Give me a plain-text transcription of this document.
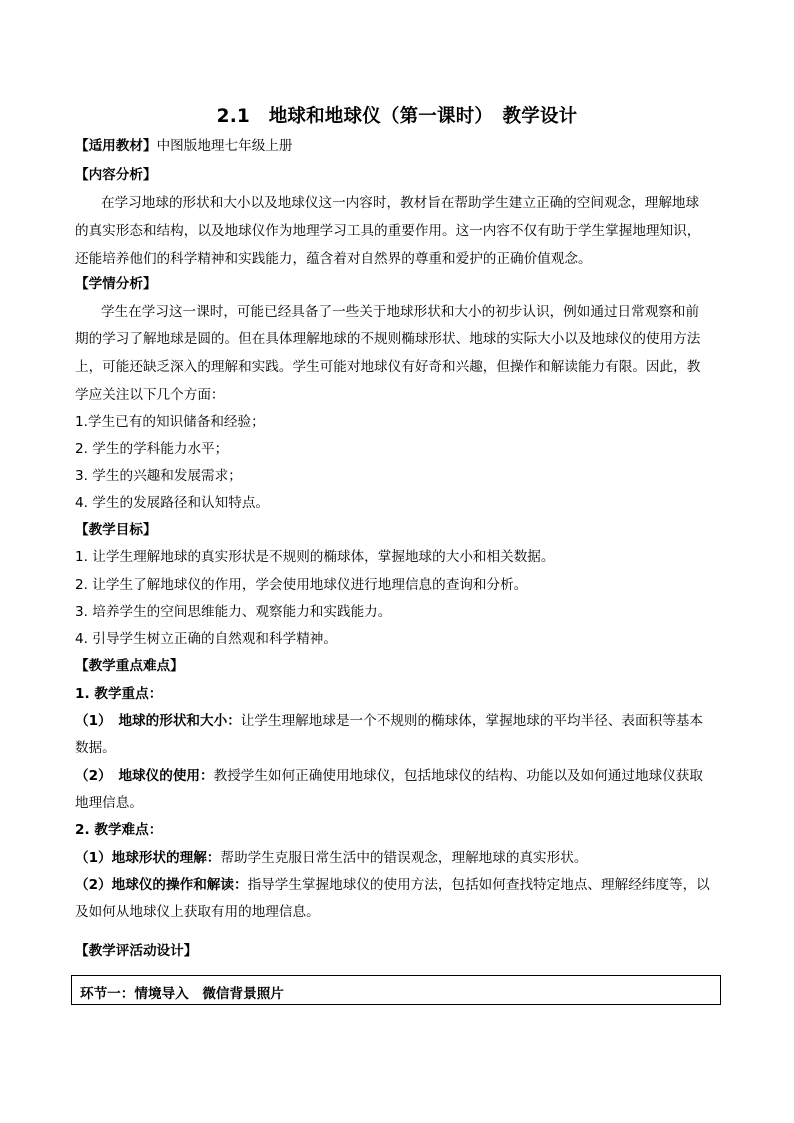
2.1　地球和地球仪（第一课时）　教学设计
【适用教材】中图版地理七年级上册
【内容分析】
在学习地球的形状和大小以及地球仪这一内容时，教材旨在帮助学生建立正确的空间观念，理解地球
的真实形态和结构，以及地球仪作为地理学习工具的重要作用。这一内容不仅有助于学生掌握地理知识，
还能培养他们的科学精神和实践能力，蕴含着对自然界的尊重和爱护的正确价值观念。
【学情分析】
学生在学习这一课时，可能已经具备了一些关于地球形状和大小的初步认识，例如通过日常观察和前
期的学习了解地球是圆的。但在具体理解地球的不规则椭球形状、地球的实际大小以及地球仪的使用方法
上，可能还缺乏深入的理解和实践。学生可能对地球仪有好奇和兴趣，但操作和解读能力有限。因此，教
学应关注以下几个方面：
1.学生已有的知识储备和经验；
2. 学生的学科能力水平；
3. 学生的兴趣和发展需求；
4. 学生的发展路径和认知特点。
【教学目标】
1. 让学生理解地球的真实形状是不规则的椭球体，掌握地球的大小和相关数据。
2. 让学生了解地球仪的作用，学会使用地球仪进行地理信息的查询和分析。
3. 培养学生的空间思维能力、观察能力和实践能力。
4. 引导学生树立正确的自然观和科学精神。
【教学重点难点】
1. 教学重点：
（1）　地球的形状和大小：让学生理解地球是一个不规则的椭球体，掌握地球的平均半径、表面积等基本
数据。
（2）　地球仪的使用：教授学生如何正确使用地球仪，包括地球仪的结构、功能以及如何通过地球仪获取
地理信息。
2. 教学难点：
（1）地球形状的理解：帮助学生克服日常生活中的错误观念，理解地球的真实形状。
（2）地球仪的操作和解读：指导学生掌握地球仪的使用方法，包括如何查找特定地点、理解经纬度等，以
及如何从地球仪上获取有用的地理信息。
【教学评活动设计】
环节一：情境导入　微信背景照片
